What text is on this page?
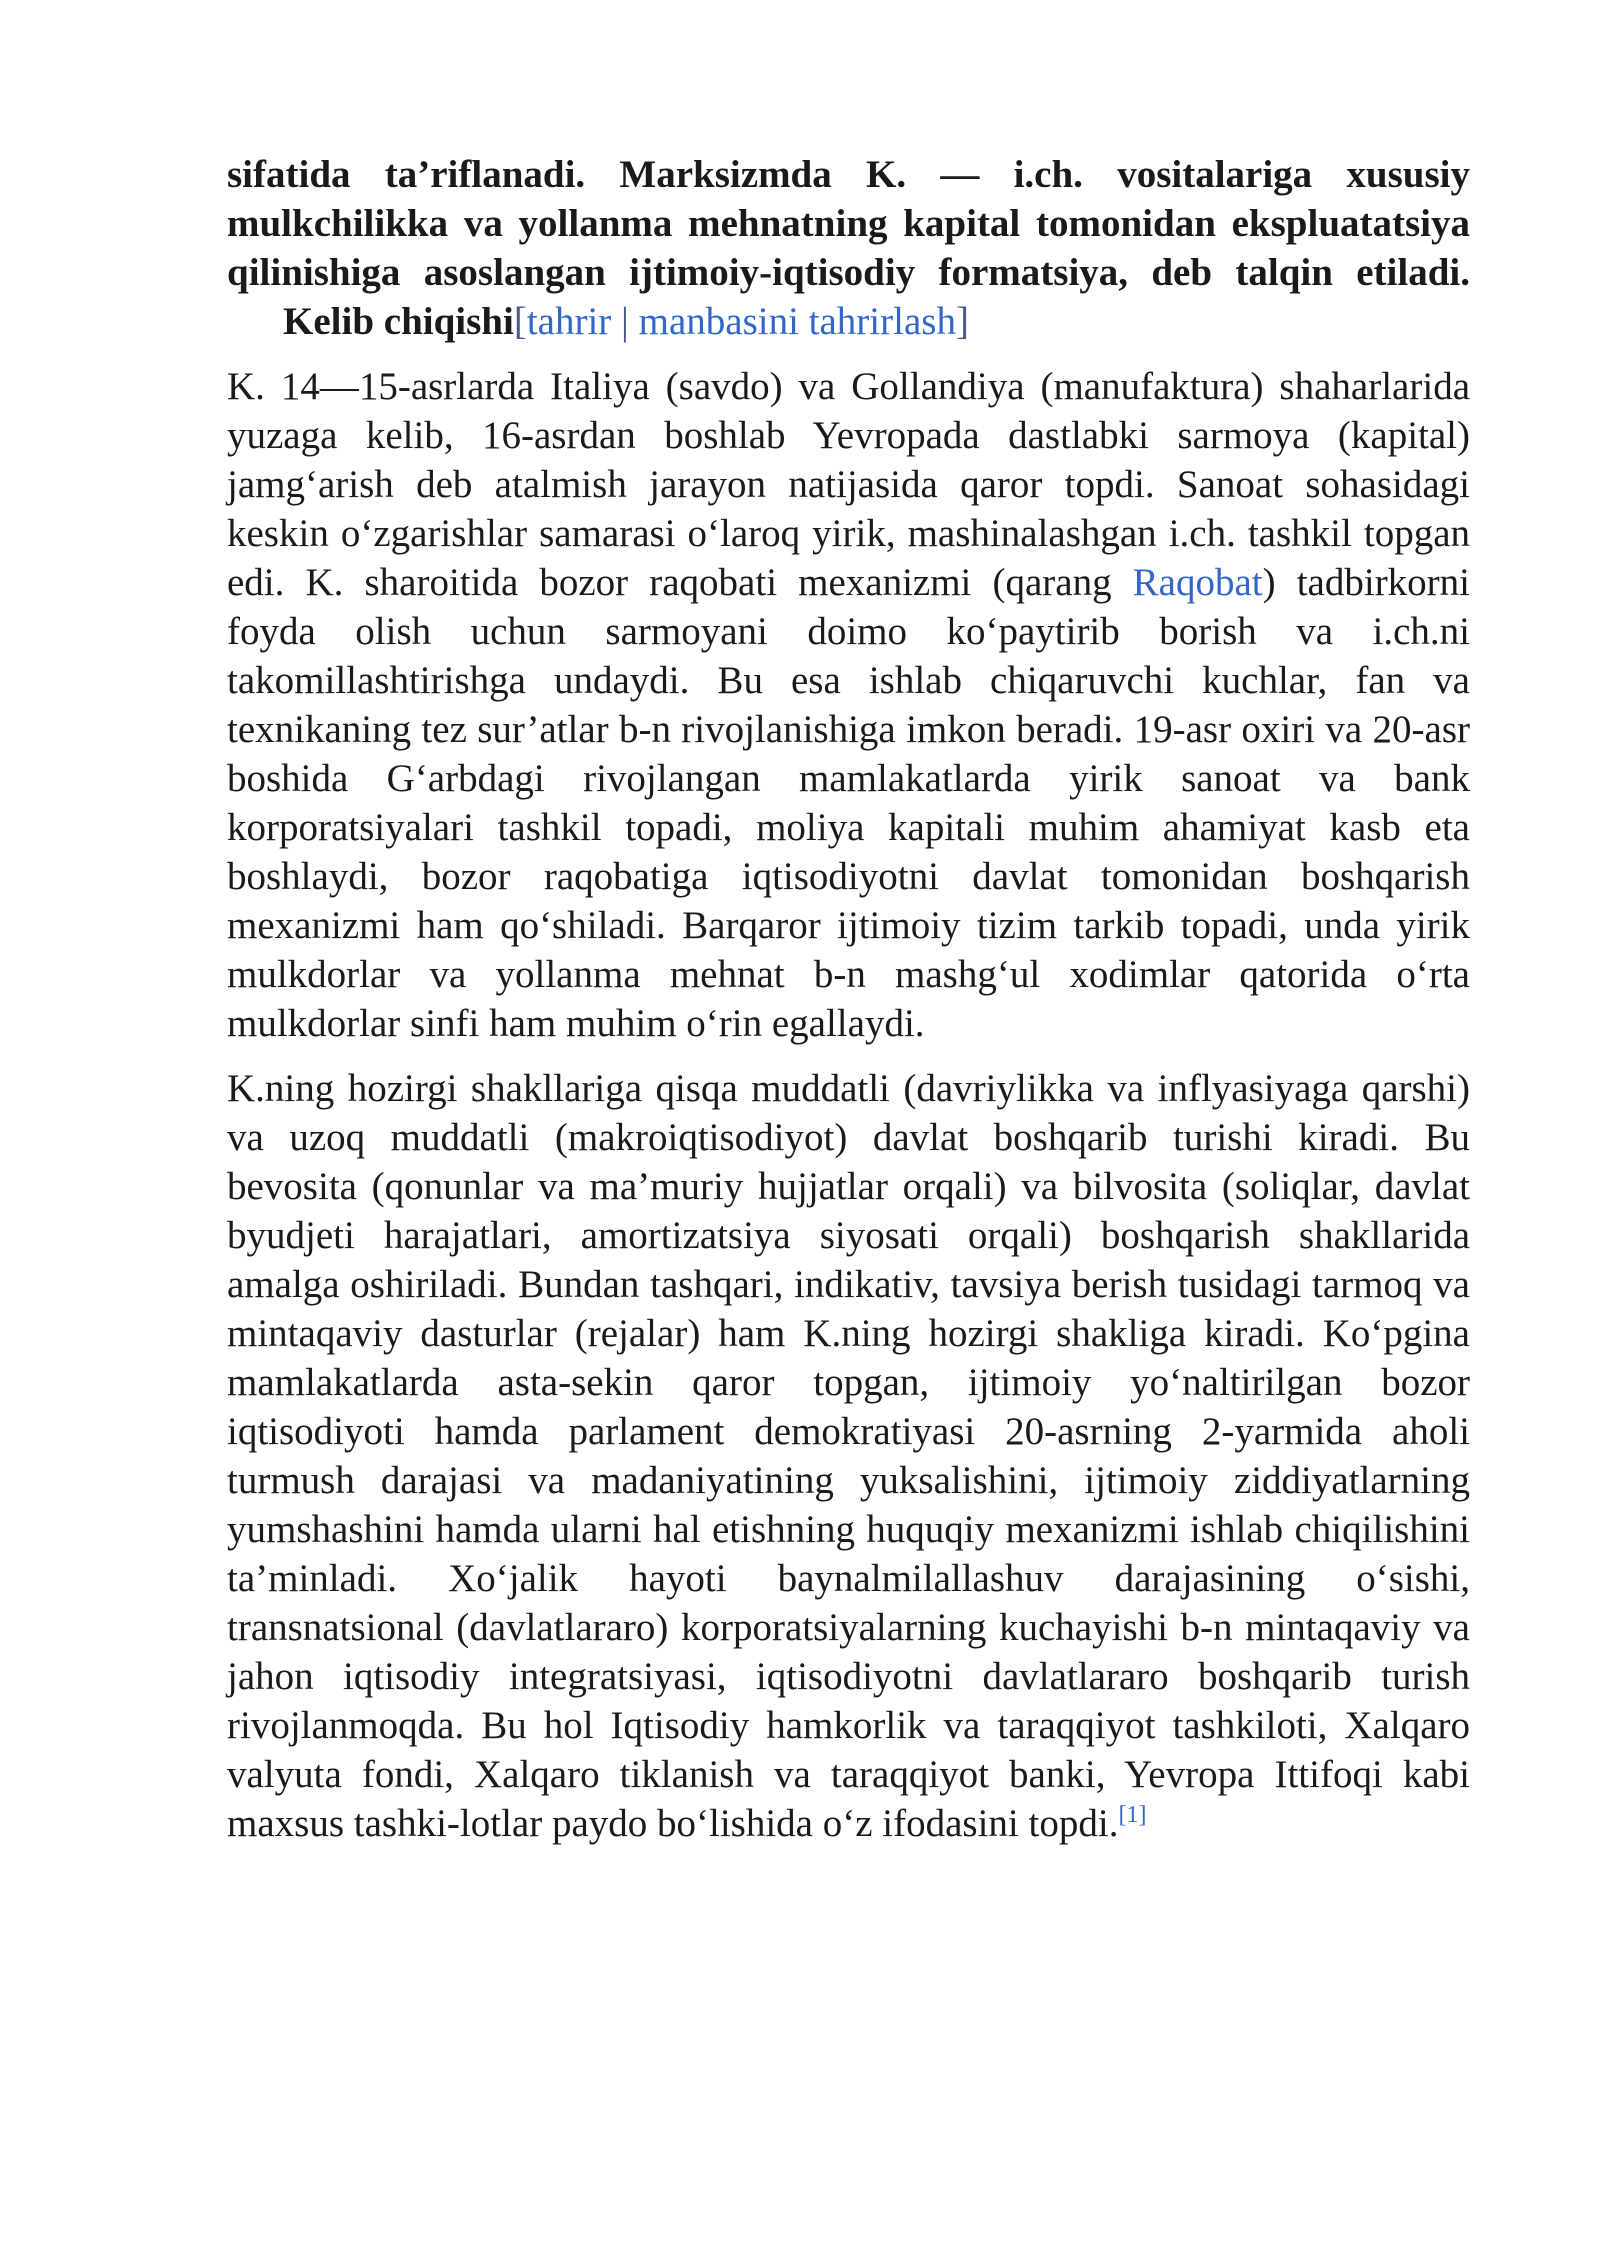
sifatida ta’riflanadi. Marksizmda K. — i.ch. vositalariga xususiy mulkchilikka va yollanma mehnatning kapital tomonidan ekspluatatsiya qilinishiga asoslangan ijtimoiy-iqtisodiy formatsiya, deb talqin etiladi. Kelib chiqishi[tahrir | manbasini tahrirlash]

K. 14—15-asrlarda Italiya (savdo) va Gollandiya (manufaktura) shaharlarida yuzaga kelib, 16-asrdan boshlab Yevropada dastlabki sarmoya (kapital) jamg‘arish deb atalmish jarayon natijasida qaror topdi. Sanoat sohasidagi keskin o‘zgarishlar samarasi o‘laroq yirik, mashinalashgan i.ch. tashkil topgan edi. K. sharoitida bozor raqobati mexanizmi (qarang Raqobat) tadbirkorni foyda olish uchun sarmoyani doimo ko‘paytirib borish va i.ch.ni takomillashtirishga undaydi. Bu esa ishlab chiqaruvchi kuchlar, fan va texnikaning tez sur’atlar b-n rivojlanishiga imkon beradi. 19-asr oxiri va 20-asr boshida G‘arbdagi rivojlangan mamlakatlarda yirik sanoat va bank korporatsiyalari tashkil topadi, moliya kapitali muhim ahamiyat kasb eta boshlaydi, bozor raqobatiga iqtisodiyotni davlat tomonidan boshqarish mexanizmi ham qo‘shiladi. Barqaror ijtimoiy tizim tarkib topadi, unda yirik mulkdorlar va yollanma mehnat b-n mashg‘ul xodimlar qatorida o‘rta mulkdorlar sinfi ham muhim o‘rin egallaydi.

K.ning hozirgi shakllariga qisqa muddatli (davriylikka va inflyasiyaga qarshi) va uzoq muddatli (makroiqtisodiyot) davlat boshqarib turishi kiradi. Bu bevosita (qonunlar va ma’muriy hujjatlar orqali) va bilvosita (soliqlar, davlat byudjeti harajatlari, amortizatsiya siyosati orqali) boshqarish shakllarida amalga oshiriladi. Bundan tashqari, indikativ, tavsiya berish tusidagi tarmoq va mintaqaviy dasturlar (rejalar) ham K.ning hozirgi shakliga kiradi. Ko‘pgina mamlakatlarda asta-sekin qaror topgan, ijtimoiy yo‘naltirilgan bozor iqtisodiyoti hamda parlament demokratiyasi 20-asrning 2-yarmida aholi turmush darajasi va madaniyatining yuksalishini, ijtimoiy ziddiyatlarning yumshashini hamda ularni hal etishning huquqiy mexanizmi ishlab chiqilishini ta’minladi. Xo‘jalik hayoti baynalmilallashuv darajasining o‘sishi, transnatsional (davlatlararo) korporatsiyalarning kuchayishi b-n mintaqaviy va jahon iqtisodiy integratsiyasi, iqtisodiyotni davlatlararo boshqarib turish rivojlanmoqda. Bu hol Iqtisodiy hamkorlik va taraqqiyot tashkiloti, Xalqaro valyuta fondi, Xalqaro tiklanish va taraqqiyot banki, Yevropa Ittifoqi kabi maxsus tashki-lotlar paydo bo‘lishida o‘z ifodasini topdi.[1]
